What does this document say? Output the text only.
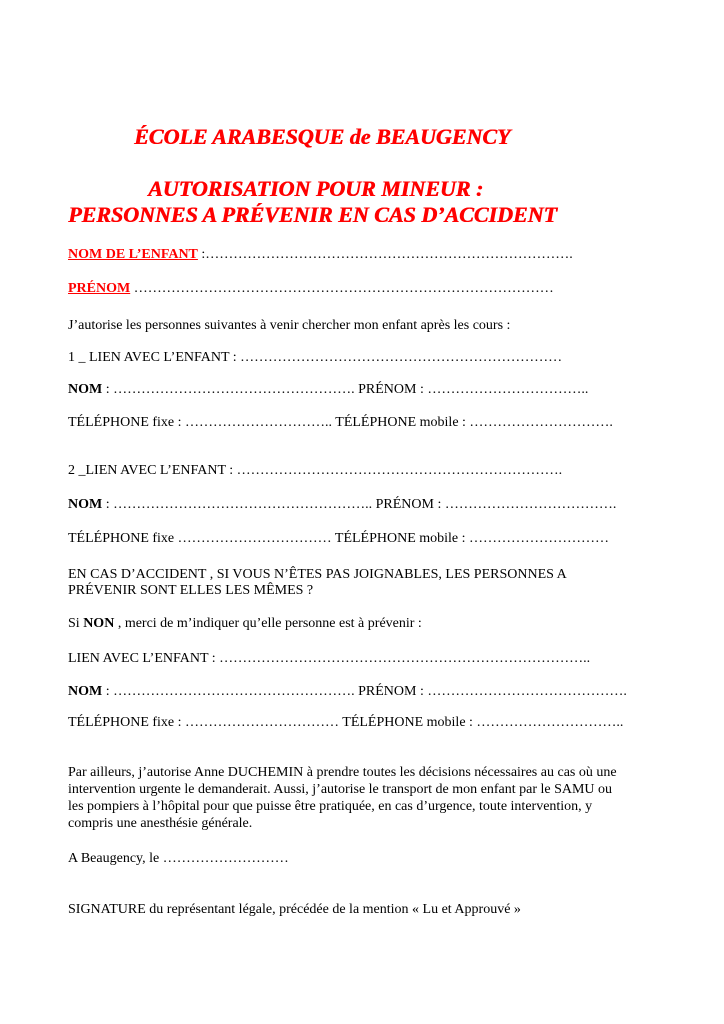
ÉCOLE ARABESQUE de BEAUGENCY
AUTORISATION POUR MINEUR :
PERSONNES A PRÉVENIR EN CAS D’ACCIDENT
NOM DE L’ENFANT :…………………………………………………………………….
PRÉNOM ………………………………………………………………………………
J’autorise les personnes suivantes à venir chercher mon enfant après les cours :
1 _ LIEN AVEC L’ENFANT : ……………………………………………………………
NOM : ……………………………………………. PRÉNOM : ……………………………..
TÉLÉPHONE fixe : ………………………….. TÉLÉPHONE mobile : ………………………….
2 _LIEN AVEC L’ENFANT : …………………………………………………………….
NOM : ……………………………………………….. PRÉNOM : ……………………………….
TÉLÉPHONE fixe …………………………… TÉLÉPHONE mobile : …………………………
EN CAS D’ACCIDENT , SI VOUS N’ÊTES PAS JOIGNABLES, LES PERSONNES A
PRÉVENIR SONT ELLES LES MÊMES ?
Si NON , merci de m’indiquer qu’elle personne est à prévenir :
LIEN AVEC L’ENFANT : ……………………………………………………………………..
NOM : ……………………………………………. PRÉNOM : …………………………………….
TÉLÉPHONE fixe : …………………………… TÉLÉPHONE mobile : …………………………..
Par ailleurs, j’autorise Anne DUCHEMIN à prendre toutes les décisions nécessaires au cas où une
intervention urgente le demanderait. Aussi, j’autorise le transport de mon enfant par le SAMU ou
les pompiers à l’hôpital pour que puisse être pratiquée, en cas d’urgence, toute intervention, y
compris une anesthésie générale.
A Beaugency, le ………………………
SIGNATURE du représentant légale, précédée de la mention « Lu et Approuvé »
